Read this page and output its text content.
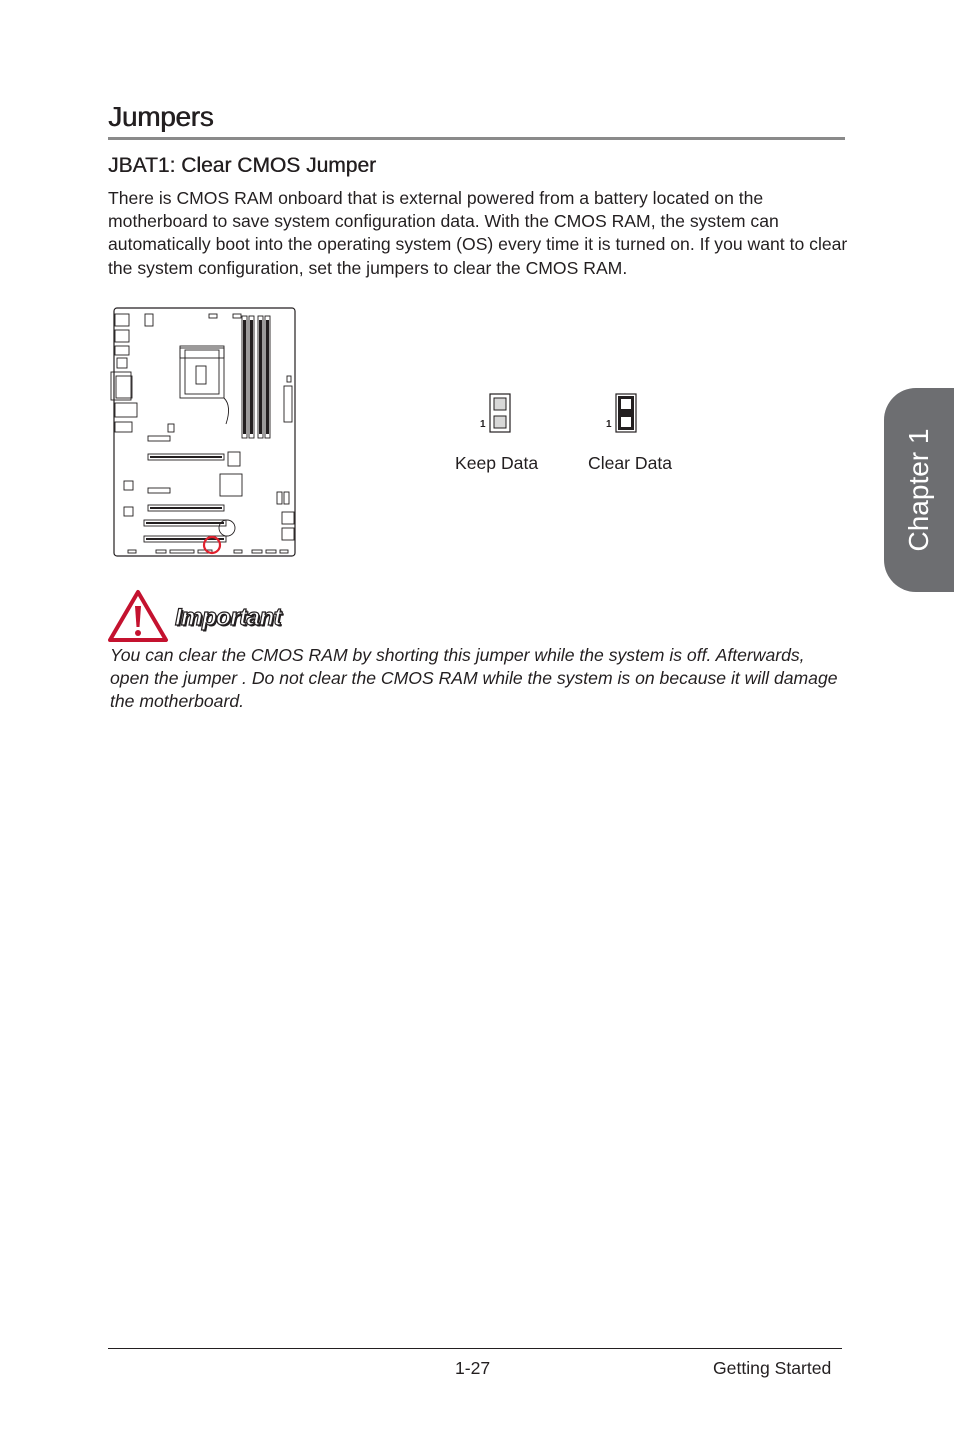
Jumpers
JBAT1: Clear CMOS Jumper
There is CMOS RAM onboard that is external powered from a battery located on the motherboard to save system configuration data. With the CMOS RAM, the system can automatically boot into the operating system (OS) every time it is turned on. If you want to clear the system configuration, set the jumpers to clear the CMOS RAM.
1	1
Keep Data	Clear Data
Important
You can clear the CMOS RAM by shorting this jumper while the system is off. Afterwards, open the jumper . Do not clear the CMOS RAM while the system is on because it will damage the motherboard.
Chapter 1
1-27	Getting Started
